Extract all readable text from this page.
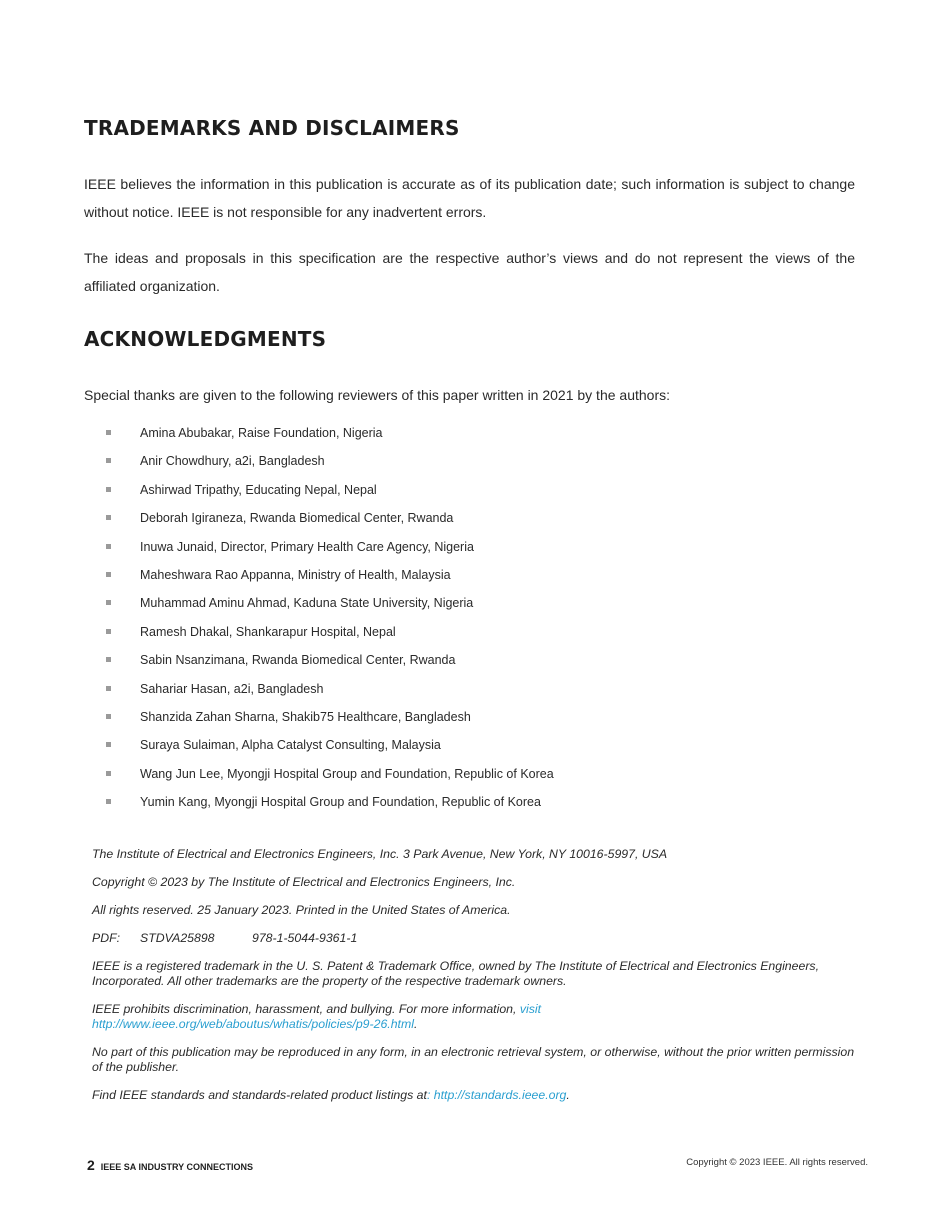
TRADEMARKS AND DISCLAIMERS

IEEE believes the information in this publication is accurate as of its publication date; such information is subject to change without notice. IEEE is not responsible for any inadvertent errors.

The ideas and proposals in this specification are the respective author’s views and do not represent the views of the affiliated organization.

ACKNOWLEDGMENTS

Special thanks are given to the following reviewers of this paper written in 2021 by the authors:

Amina Abubakar, Raise Foundation, Nigeria
Anir Chowdhury, a2i, Bangladesh
Ashirwad Tripathy, Educating Nepal, Nepal
Deborah Igiraneza, Rwanda Biomedical Center, Rwanda
Inuwa Junaid, Director, Primary Health Care Agency, Nigeria
Maheshwara Rao Appanna, Ministry of Health, Malaysia
Muhammad Aminu Ahmad, Kaduna State University, Nigeria
Ramesh Dhakal, Shankarapur Hospital, Nepal
Sabin Nsanzimana, Rwanda Biomedical Center, Rwanda
Sahariar Hasan, a2i, Bangladesh
Shanzida Zahan Sharna, Shakib75 Healthcare, Bangladesh
Suraya Sulaiman, Alpha Catalyst Consulting, Malaysia
Wang Jun Lee, Myongji Hospital Group and Foundation, Republic of Korea
Yumin Kang, Myongji Hospital Group and Foundation, Republic of Korea

The Institute of Electrical and Electronics Engineers, Inc. 3 Park Avenue, New York, NY 10016-5997, USA

Copyright © 2023 by The Institute of Electrical and Electronics Engineers, Inc.

All rights reserved. 25 January 2023. Printed in the United States of America.

PDF: STDVA25898	978-1-5044-9361-1

IEEE is a registered trademark in the U. S. Patent & Trademark Office, owned by The Institute of Electrical and Electronics Engineers, Incorporated. All other trademarks are the property of the respective trademark owners.

IEEE prohibits discrimination, harassment, and bullying. For more information, visit
http://www.ieee.org/web/aboutus/whatis/policies/p9-26.html.

No part of this publication may be reproduced in any form, in an electronic retrieval system, or otherwise, without the prior written permission of the publisher.

Find IEEE standards and standards-related product listings at: http://standards.ieee.org.

2 IEEE SA INDUSTRY CONNECTIONS	Copyright © 2023 IEEE. All rights reserved.
